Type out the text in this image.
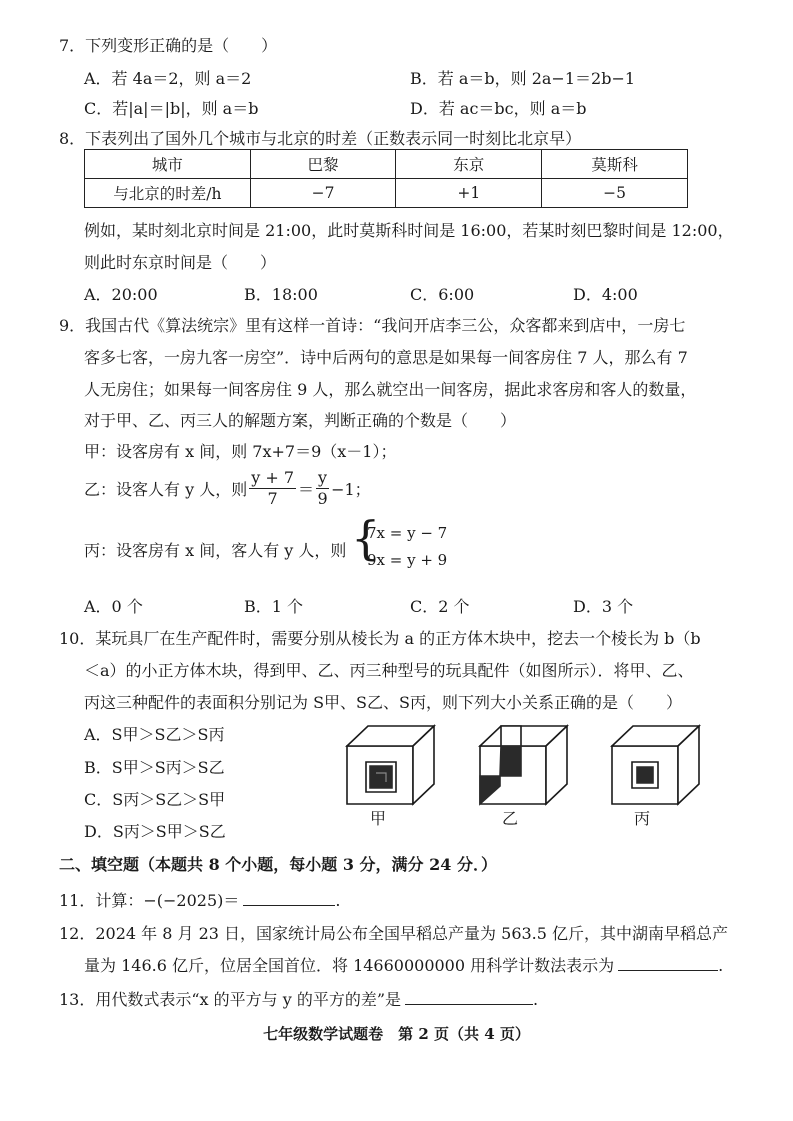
7．下列变形正确的是（　　）
A．若 4a＝2，则 a＝2	B．若 a＝b，则 2a−1＝2b−1
C．若|a|＝|b|，则 a＝b	D．若 ac＝bc，则 a＝b
8．下表列出了国外几个城市与北京的时差（正数表示同一时刻比北京早）
城市	巴黎	东京	莫斯科
与北京的时差/h	−7	+1	−5
例如，某时刻北京时间是 21:00，此时莫斯科时间是 16:00，若某时刻巴黎时间是 12:00，
则此时东京时间是（　　）
A．20:00	B．18:00	C．6:00	D．4:00
9．我国古代《算法统宗》里有这样一首诗：“我问开店李三公，众客都来到店中，一房七
客多七客，一房九客一房空”．诗中后两句的意思是如果每一间客房住 7 人，那么有 7
人无房住；如果每一间客房住 9 人，那么就空出一间客房，据此求客房和客人的数量，
对于甲、乙、丙三人的解题方案，判断正确的个数是（　　）
甲：设客房有 x 间，则 7x+7＝9（x－1）；
乙：设客人有 y 人，则 $\frac{y + 7}{7} = \frac{y}{9} -1$；
丙：设客房有 x 间，客人有 y 人，则 {
7x = y − 7
9x = y + 9
A．0 个	B．1 个	C．2 个	D．3 个
10．某玩具厂在生产配件时，需要分别从棱长为 a 的正方体木块中，挖去一个棱长为 b（b
＜a）的小正方体木块，得到甲、乙、丙三种型号的玩具配件（如图所示）．将甲、乙、
丙这三种配件的表面积分别记为 S甲、S乙、S丙，则下列大小关系正确的是（　　）
A．S甲＞S乙＞S丙
B．S甲＞S丙＞S乙
C．S丙＞S乙＞S甲
D．S丙＞S甲＞S乙
甲	乙	丙
二、填空题（本题共 8 个小题，每小题 3 分，满分 24 分．）
11．计算：−(−2025)＝	.
12．2024 年 8 月 23 日，国家统计局公布全国早稻总产量为 563.5 亿斤，其中湖南早稻总产
量为 146.6 亿斤，位居全国首位．将 14660000000 用科学计数法表示为	.
13．用代数式表示“x 的平方与 y 的平方的差”是	.
七年级数学试题卷　第 2 页（共 4 页）
